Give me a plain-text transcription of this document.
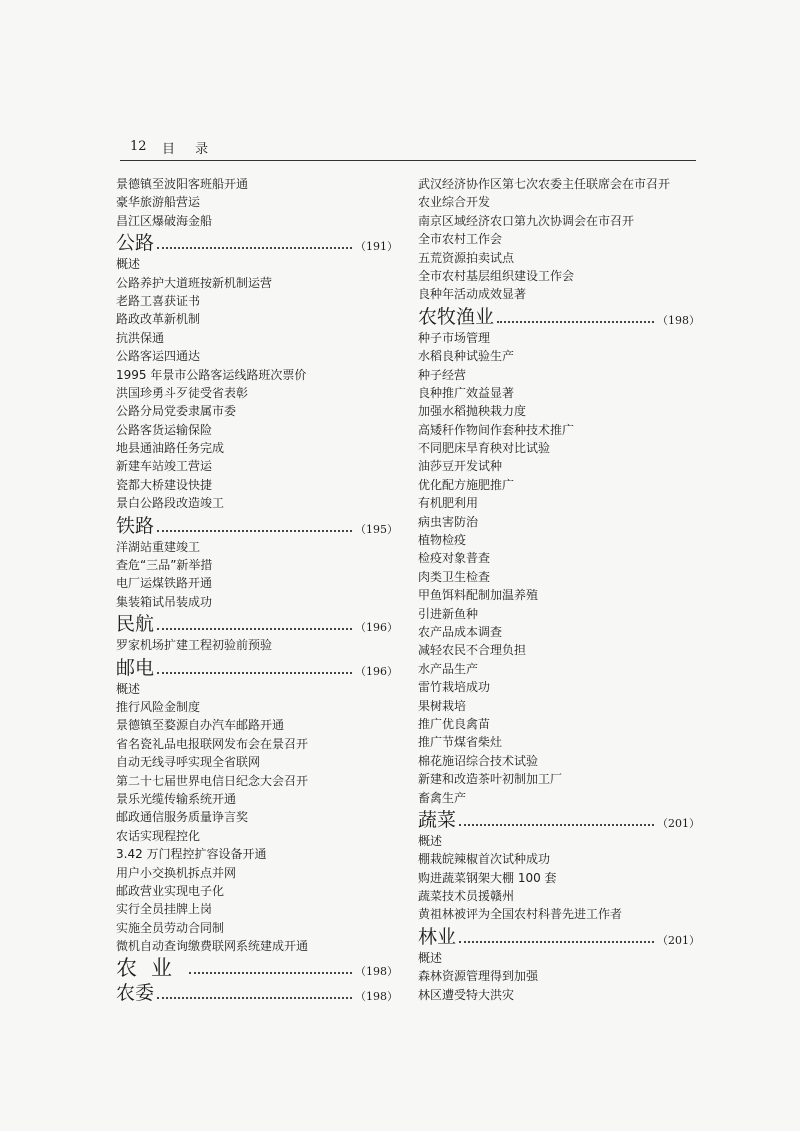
12 目 录
景德镇至波阳客班船开通
豪华旅游船营运
昌江区爆破海金船
公路	（191）
概述
公路养护大道班按新机制运营
老路工喜获证书
路政改革新机制
抗洪保通
公路客运四通达
1995 年景市公路客运线路班次票价
洪国珍勇斗歹徒受省表彰
公路分局党委隶属市委
公路客货运输保险
地县通油路任务完成
新建车站竣工营运
瓷都大桥建设快捷
景白公路段改造竣工
铁路	（195）
洋湖站重建竣工
查危“三品”新举措
电厂运煤铁路开通
集装箱试吊装成功
民航	（196）
罗家机场扩建工程初验前预验
邮电	（196）
概述
推行风险金制度
景德镇至婺源自办汽车邮路开通
省名瓷礼品电报联网发布会在景召开
自动无线寻呼实现全省联网
第二十七届世界电信日纪念大会召开
景乐光缆传输系统开通
邮政通信服务质量诤言奖
农话实现程控化
3.42 万门程控扩容设备开通
用户小交换机拆点并网
邮政营业实现电子化
实行全员挂牌上岗
实施全员劳动合同制
微机自动查询缴费联网系统建成开通
农业	（198）
农委	（198）
武汉经济协作区第七次农委主任联席会在市召开
农业综合开发
南京区域经济农口第九次协调会在市召开
全市农村工作会
五荒资源拍卖试点
全市农村基层组织建设工作会
良种年活动成效显著
农牧渔业	（198）
种子市场管理
水稻良种试验生产
种子经营
良种推广效益显著
加强水稻抛秧栽力度
高矮秆作物间作套种技术推广
不同肥床旱育秧对比试验
油莎豆开发试种
优化配方施肥推广
有机肥利用
病虫害防治
植物检疫
检疫对象普查
肉类卫生检查
甲鱼饵料配制加温养殖
引进新鱼种
农产品成本调查
减轻农民不合理负担
水产品生产
雷竹栽培成功
果树栽培
推广优良禽苗
推广节煤省柴灶
棉花施诏综合技术试验
新建和改造茶叶初制加工厂
畜禽生产
蔬菜	（201）
概述
棚栽皖辣椒首次试种成功
购进蔬菜钢架大棚 100 套
蔬菜技术员援赣州
黄祖林被评为全国农村科普先进工作者
林业	（201）
概述
森林资源管理得到加强
林区遭受特大洪灾
